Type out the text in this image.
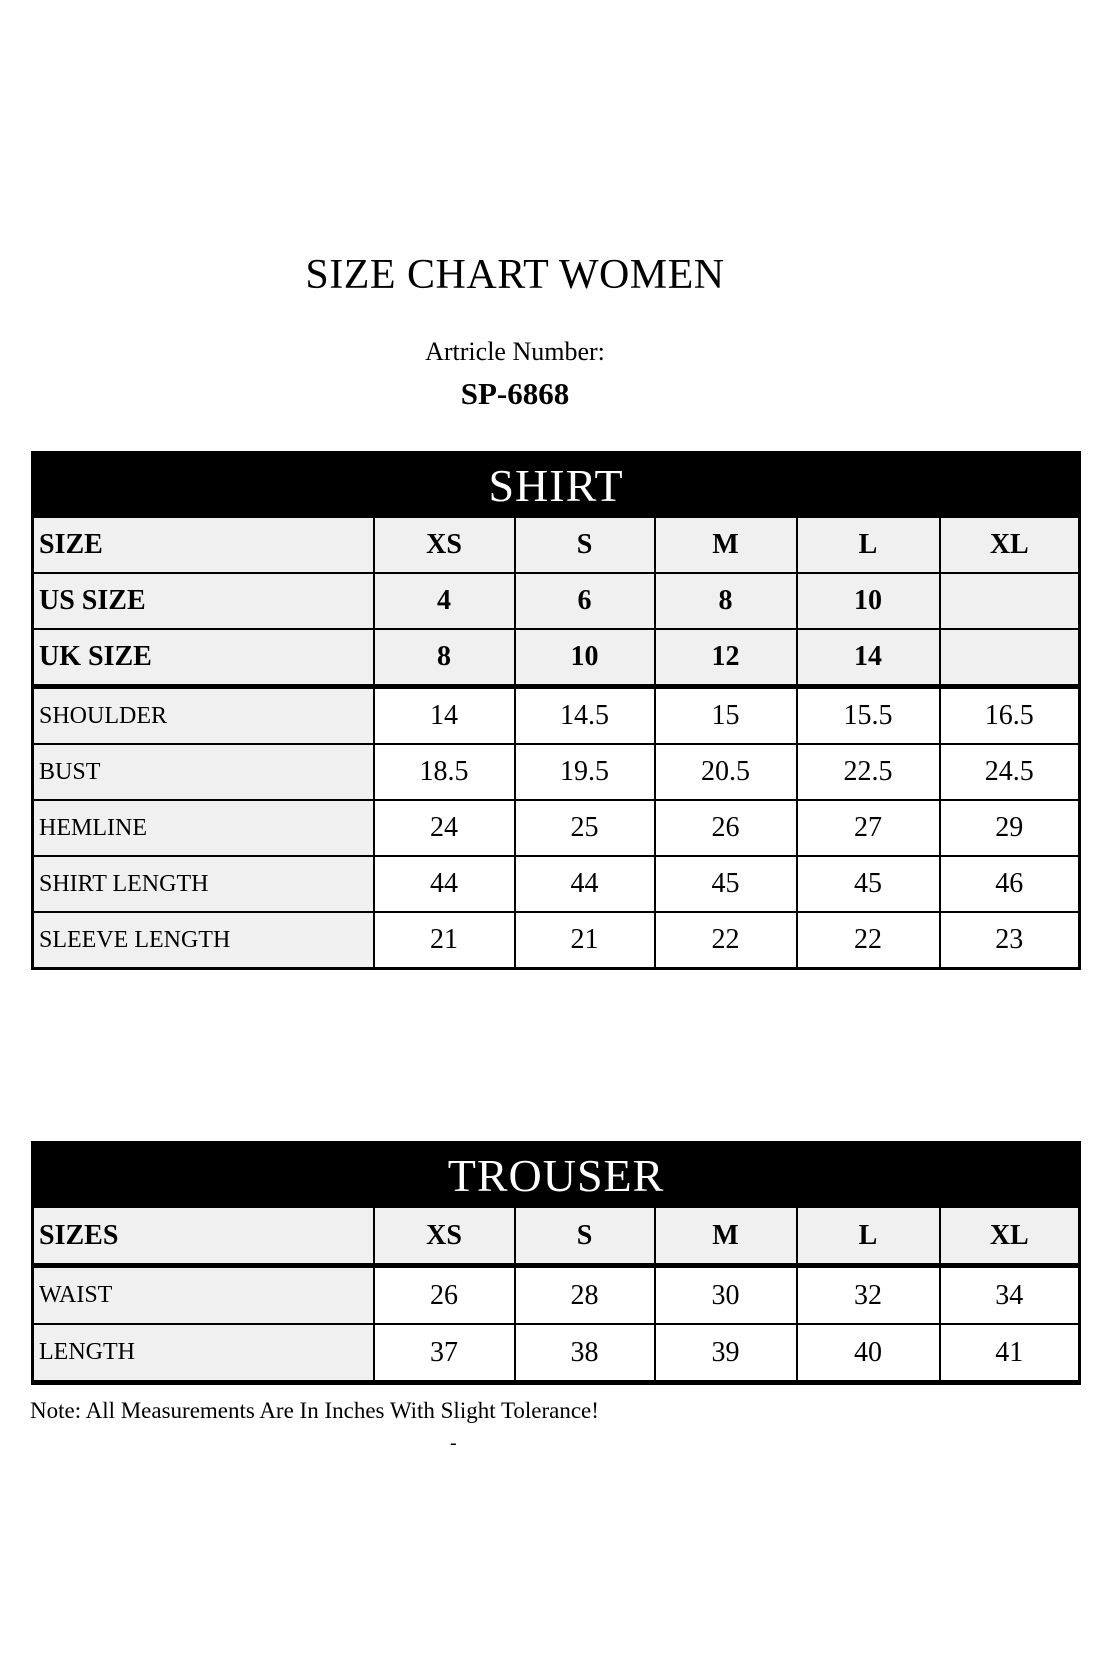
SIZE CHART WOMEN
Artricle Number:
SP-6868
SHIRT					
SIZE	XS	S	M	L	XL
US SIZE	4	6	8	10	
UK SIZE	8	10	12	14	
SHOULDER	14	14.5	15	15.5	16.5
BUST	18.5	19.5	20.5	22.5	24.5
HEMLINE	24	25	26	27	29
SHIRT LENGTH	44	44	45	45	46
SLEEVE LENGTH	21	21	22	22	23
TROUSER					
SIZES	XS	S	M	L	XL
WAIST	26	28	30	32	34
LENGTH	37	38	39	40	41
Note: All Measurements Are In Inches With Slight Tolerance!
-
